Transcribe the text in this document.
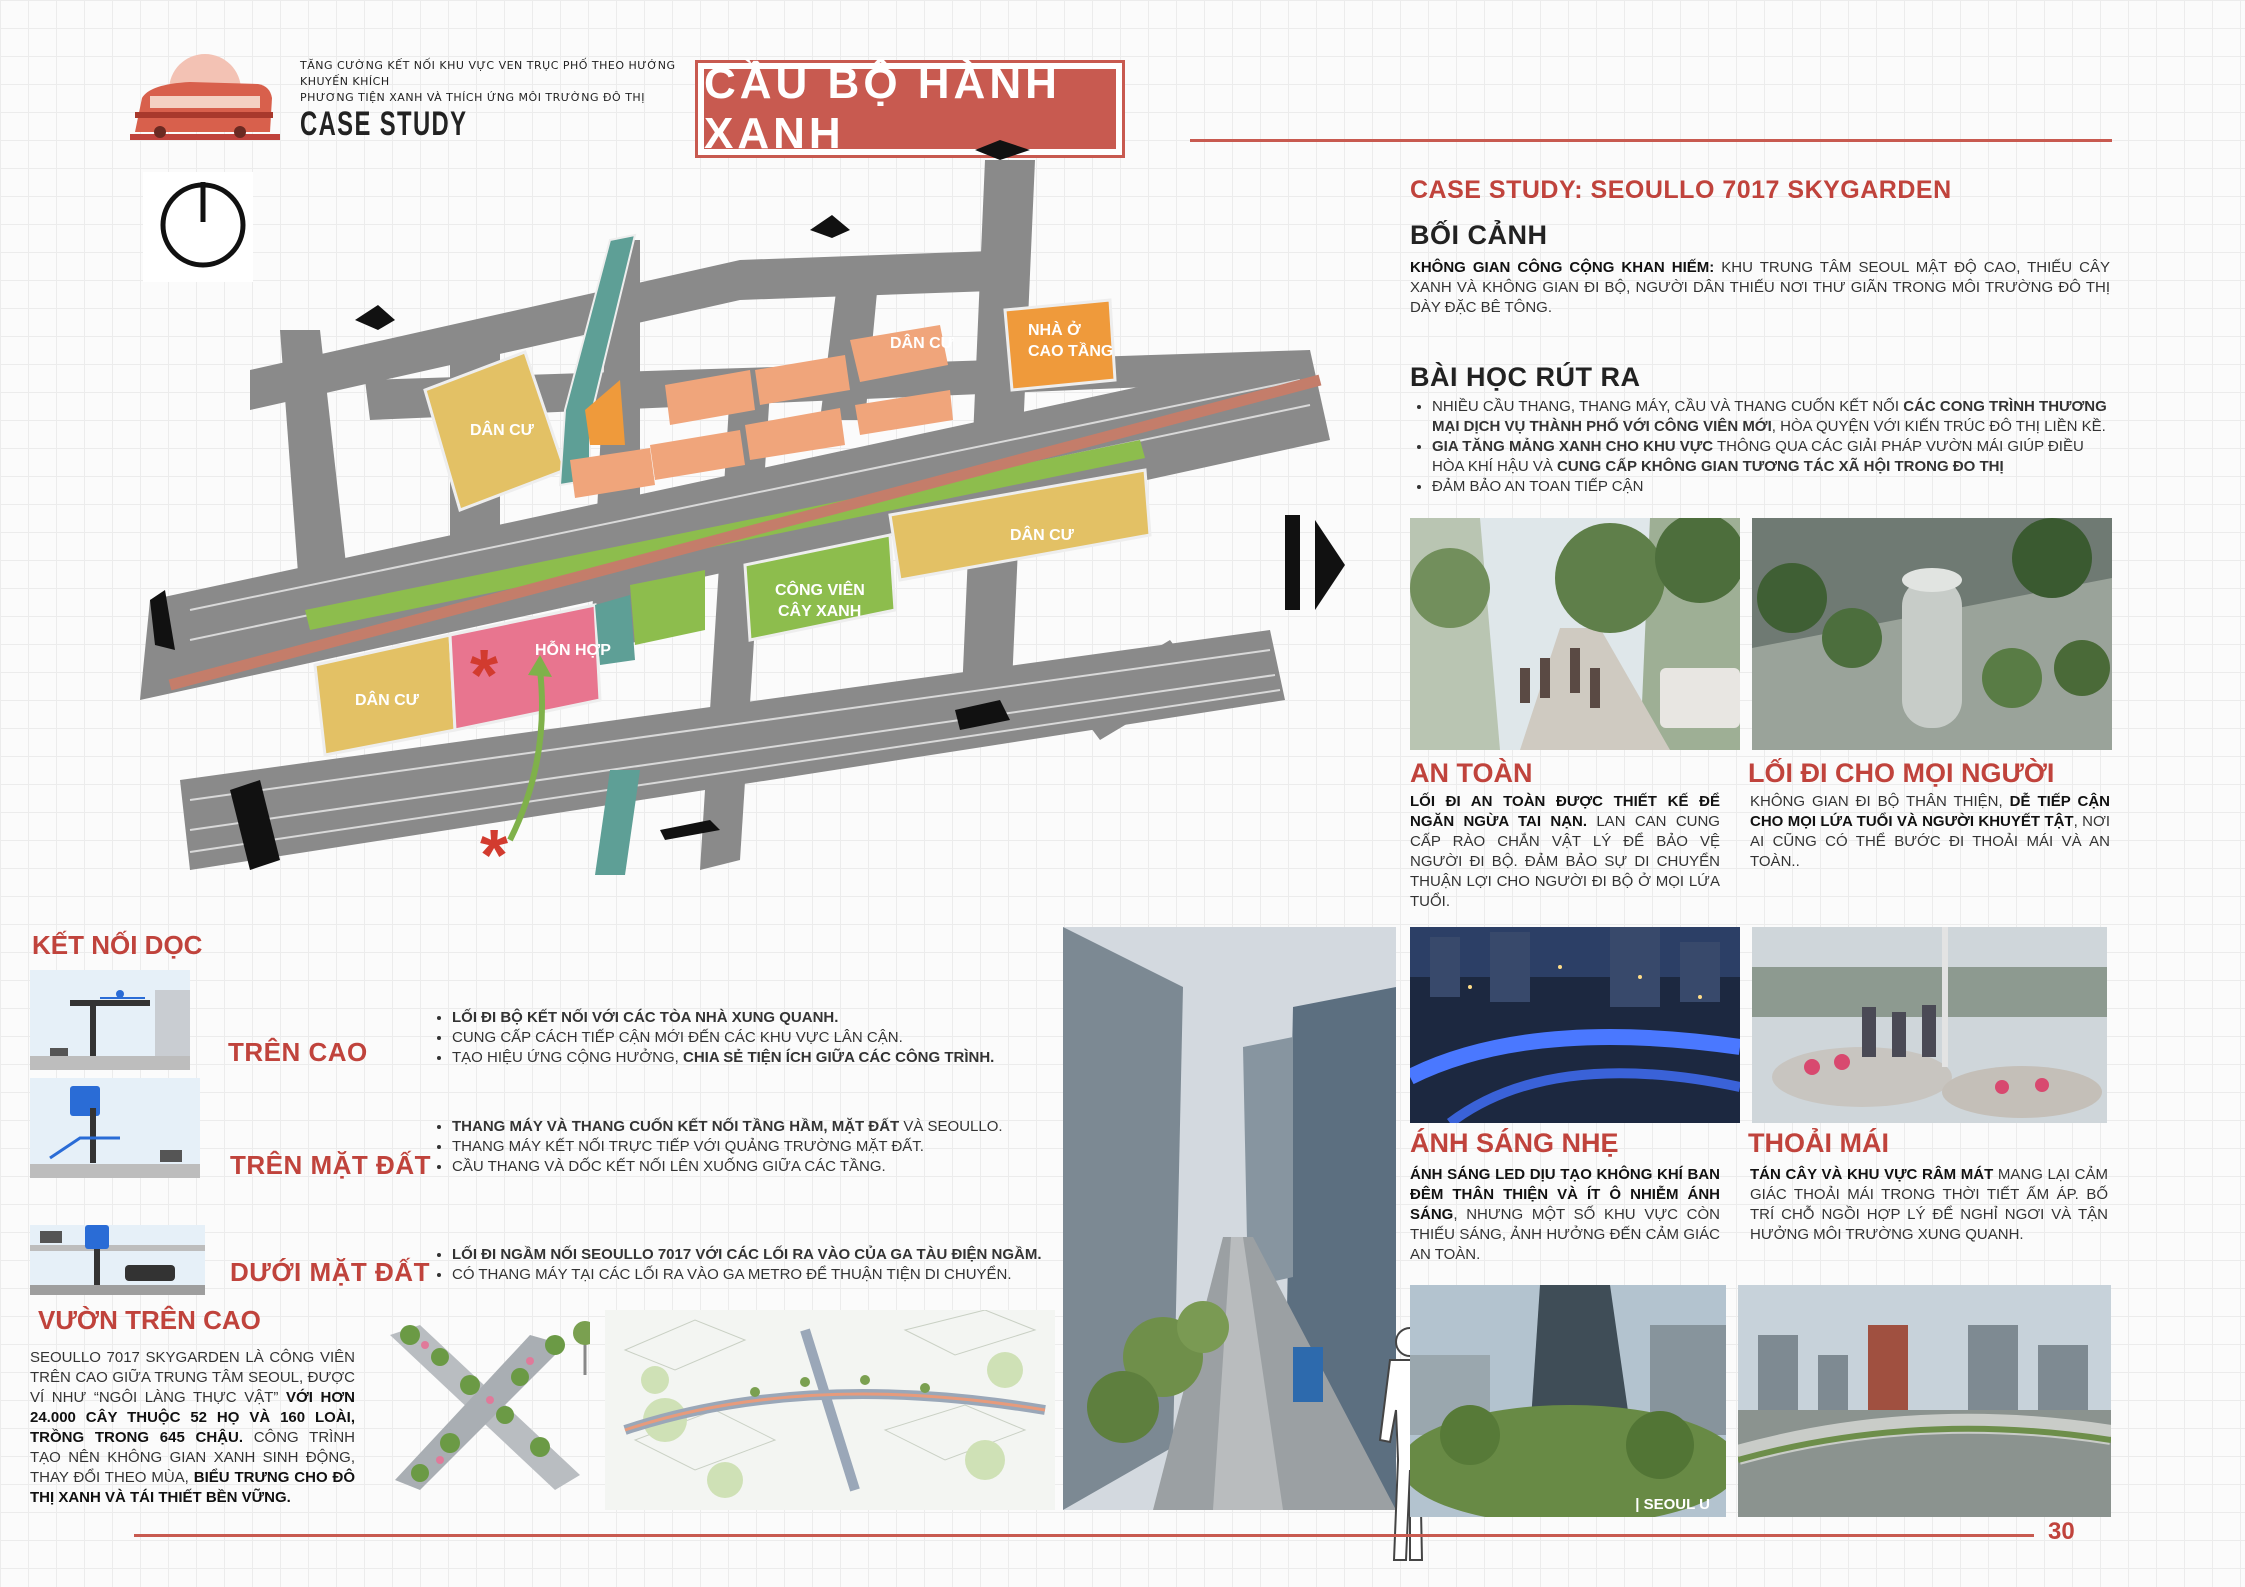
TĂNG CƯỜNG KẾT NỐI KHU VỰC VEN TRỤC PHỐ THEO HƯỚNG KHUYẾN KHÍCH
PHƯƠNG TIỆN XANH VÀ THÍCH ỨNG MÔI TRƯỜNG ĐÔ THỊ
CASE STUDY
CẦU BỘ HÀNH XANH
*
*
DÂN CƯ
DÂN CƯ
NHÀ Ở
CAO TẦNG
DÂN CƯ
CÔNG VIÊN
CÂY XANH
HỖN HỢP
DÂN CƯ
CASE STUDY: SEOULLO 7017 SKYGARDEN
BỐI CẢNH
KHÔNG GIAN CÔNG CỘNG KHAN HIẾM: KHU TRUNG TÂM SEOUL MẬT ĐỘ CAO, THIẾU CÂY XANH VÀ KHÔNG GIAN ĐI BỘ, NGƯỜI DÂN THIẾU NƠI THƯ GIÃN TRONG MÔI TRƯỜNG ĐÔ THỊ DÀY ĐẶC BÊ TÔNG.
BÀI HỌC RÚT RA
• NHIỀU CẦU THANG, THANG MÁY, CẦU VÀ THANG CUỐN KẾT NỐI CÁC CONG TRÌNH THƯƠNG MẠI DỊCH VỤ THÀNH PHỐ VỚI CÔNG VIÊN MỚI, HÒA QUYỆN VỚI KIẾN TRÚC ĐÔ THỊ LIỀN KỀ.
• GIA TĂNG MẢNG XANH CHO KHU VỰC THÔNG QUA CÁC GIẢI PHÁP VƯỜN MÁI GIÚP ĐIỀU HÒA KHÍ HẬU VÀ CUNG CẤP KHÔNG GIAN TƯƠNG TÁC XÃ HỘI TRONG ĐO THỊ
• ĐẢM BẢO AN TOAN TIẾP CẬN
AN TOÀN	LỐI ĐI CHO MỌI NGƯỜI
LỐI ĐI AN TOÀN ĐƯỢC THIẾT KẾ ĐỂ NGĂN NGỪA TAI NẠN. LAN CAN CUNG CẤP RÀO CHẮN VẬT LÝ ĐỂ BẢO VỆ NGƯỜI ĐI BỘ. ĐẢM BẢO SỰ DI CHUYỂN THUẬN LỢI CHO NGƯỜI ĐI BỘ Ở MỌI LỨA TUỔI.
KHÔNG GIAN ĐI BỘ THÂN THIỆN, DỄ TIẾP CẬN CHO MỌI LỨA TUỔI VÀ NGƯỜI KHUYẾT TẬT, NƠI AI CŨNG CÓ THỂ BƯỚC ĐI THOẢI MÁI VÀ AN TOÀN..
ÁNH SÁNG NHẸ	THOẢI MÁI
ÁNH SÁNG LED DỊU TẠO KHÔNG KHÍ BAN ĐÊM THÂN THIỆN VÀ ÍT Ô NHIỄM ÁNH SÁNG, NHƯNG MỘT SỐ KHU VỰC CÒN THIẾU SÁNG, ẢNH HƯỞNG ĐẾN CẢM GIÁC AN TOÀN.
TÁN CÂY VÀ KHU VỰC RÂM MÁT MANG LẠI CẢM GIÁC THOẢI MÁI TRONG THỜI TIẾT ẤM ÁP. BỐ TRÍ CHỖ NGỒI HỢP LÝ ĐỂ NGHỈ NGƠI VÀ TẬN HƯỞNG MÔI TRƯỜNG XUNG QUANH.
| SEOUL U
KẾT NỐI DỌC
TRÊN CAO
TRÊN MẶT ĐẤT
DƯỚI MẶT ĐẤT
• LỐI ĐI BỘ KẾT NỐI VỚI CÁC TÒA NHÀ XUNG QUANH.
• CUNG CẤP CÁCH TIẾP CẬN MỚI ĐẾN CÁC KHU VỰC LÂN CẬN.
• TẠO HIỆU ỨNG CỘNG HƯỞNG, CHIA SẺ TIỆN ÍCH GIỮA CÁC CÔNG TRÌNH.
• THANG MÁY VÀ THANG CUỐN KẾT NỐI TẦNG HẦM, MẶT ĐẤT VÀ SEOULLO.
• THANG MÁY KẾT NỐI TRỰC TIẾP VỚI QUẢNG TRƯỜNG MẶT ĐẤT.
• CẦU THANG VÀ DỐC KẾT NỐI LÊN XUỐNG GIỮA CÁC TẦNG.
• LỐI ĐI NGẦM NỐI SEOULLO 7017 VỚI CÁC LỐI RA VÀO CỦA GA TÀU ĐIỆN NGẦM.
• CÓ THANG MÁY TẠI CÁC LỐI RA VÀO GA METRO ĐỂ THUẬN TIỆN DI CHUYỂN.
VƯỜN TRÊN CAO
SEOULLO 7017 SKYGARDEN LÀ CÔNG VIÊN TRÊN CAO GIỮA TRUNG TÂM SEOUL, ĐƯỢC VÍ NHƯ “NGÔI LÀNG THỰC VẬT” VỚI HƠN 24.000 CÂY THUỘC 52 HỌ VÀ 160 LOÀI, TRỒNG TRONG 645 CHẬU. CÔNG TRÌNH TẠO NÊN KHÔNG GIAN XANH SINH ĐỘNG, THAY ĐỔI THEO MÙA, BIỂU TRƯNG CHO ĐÔ THỊ XANH VÀ TÁI THIẾT BỀN VỮNG.
30
